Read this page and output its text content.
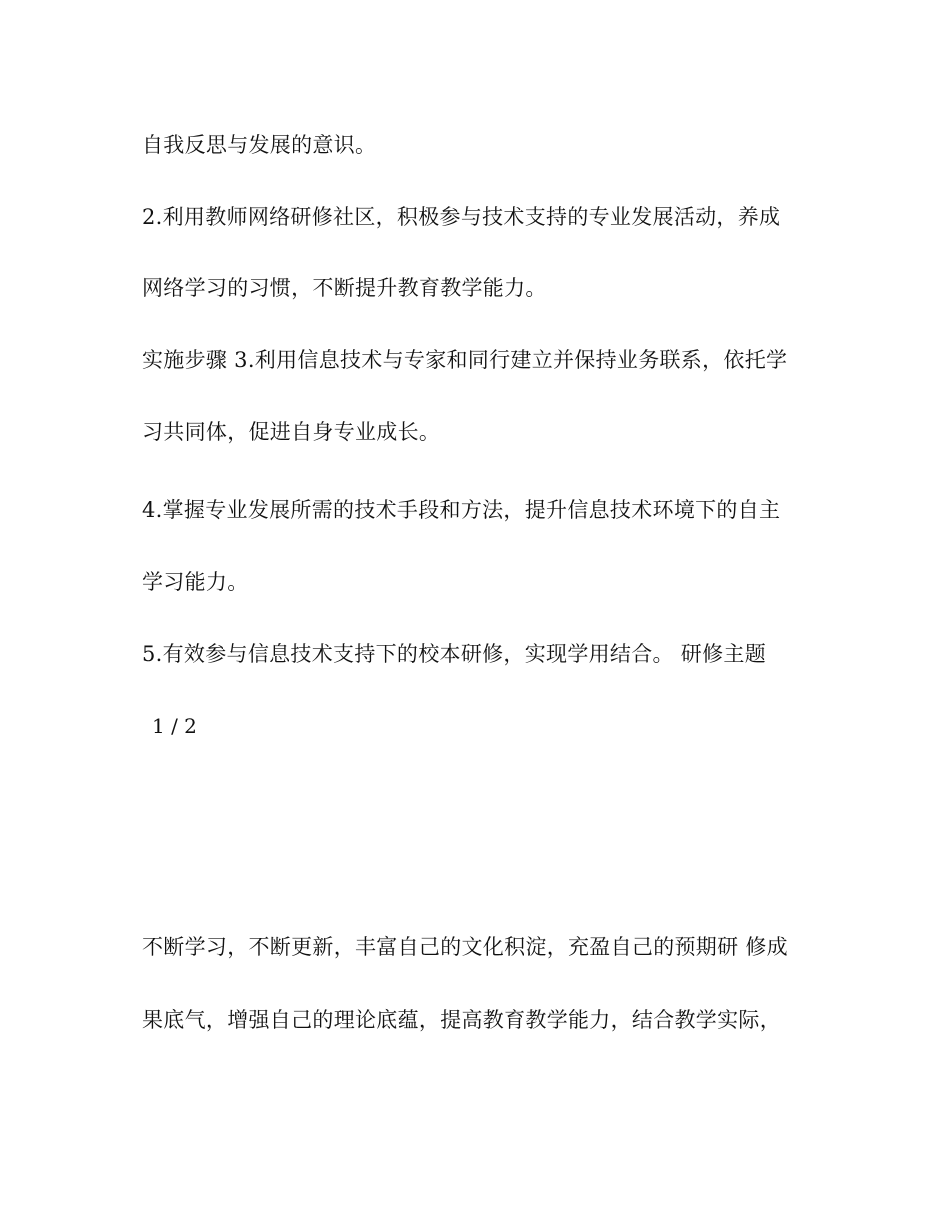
自我反思与发展的意识。
2.利用教师网络研修社区，积极参与技术支持的专业发展活动，养成
网络学习的习惯，不断提升教育教学能力。
实施步骤 3.利用信息技术与专家和同行建立并保持业务联系，依托学
习共同体，促进自身专业成长。
4.掌握专业发展所需的技术手段和方法，提升信息技术环境下的自主
学习能力。
5.有效参与信息技术支持下的校本研修，实现学用结合。 研修主题
1 / 2
不断学习，不断更新，丰富自己的文化积淀，充盈自己的预期研 修成
果底气，增强自己的理论底蕴，提高教育教学能力，结合教学实际，
